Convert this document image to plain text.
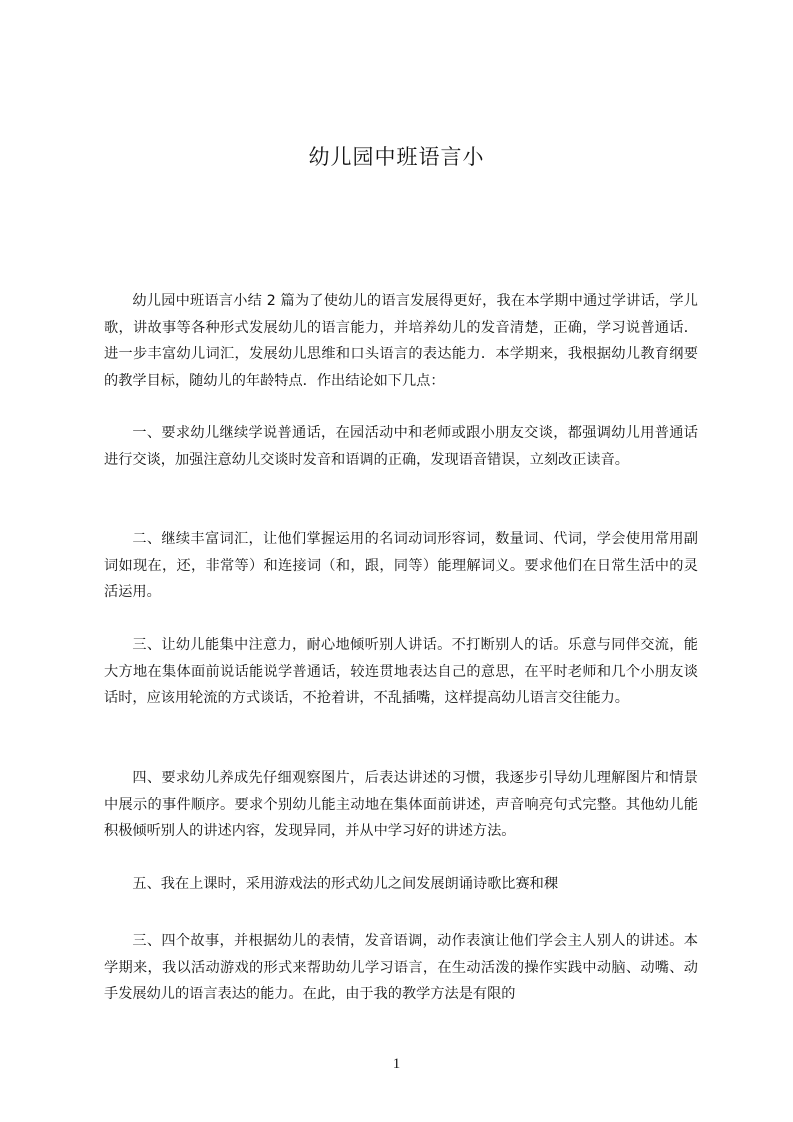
幼儿园中班语言小

幼儿园中班语言小结 2 篇为了使幼儿的语言发展得更好，我在本学期中通过学讲话，学儿歌，讲故事等各种形式发展幼儿的语言能力，并培养幼儿的发音清楚，正确，学习说普通话．进一步丰富幼儿词汇，发展幼儿思维和口头语言的表达能力．本学期来，我根据幼儿教育纲要的教学目标，随幼儿的年龄特点．作出结论如下几点：

一、要求幼儿继续学说普通话，在园活动中和老师或跟小朋友交谈，都强调幼儿用普通话进行交谈，加强注意幼儿交谈时发音和语调的正确，发现语音错误，立刻改正读音。

二、继续丰富词汇，让他们掌握运用的名词动词形容词，数量词、代词，学会使用常用副词如现在，还，非常等）和连接词（和，跟，同等）能理解词义。要求他们在日常生活中的灵活运用。

三、让幼儿能集中注意力，耐心地倾听别人讲话。不打断别人的话。乐意与同伴交流，能大方地在集体面前说话能说学普通话，较连贯地表达自己的意思，在平时老师和几个小朋友谈话时，应该用轮流的方式谈话，不抢着讲，不乱插嘴，这样提高幼儿语言交往能力。

四、要求幼儿养成先仔细观察图片，后表达讲述的习惯，我逐步引导幼儿理解图片和情景中展示的事件顺序。要求个别幼儿能主动地在集体面前讲述，声音响亮句式完整。其他幼儿能积极倾听别人的讲述内容，发现异同，并从中学习好的讲述方法。

五、我在上课时，采用游戏法的形式幼儿之间发展朗诵诗歌比赛和稞

三、四个故事，并根据幼儿的表情，发音语调，动作表演让他们学会主人别人的讲述。本学期来，我以活动游戏的形式来帮助幼儿学习语言，在生动活泼的操作实践中动脑、动嘴、动手发展幼儿的语言表达的能力。在此，由于我的教学方法是有限的

1
